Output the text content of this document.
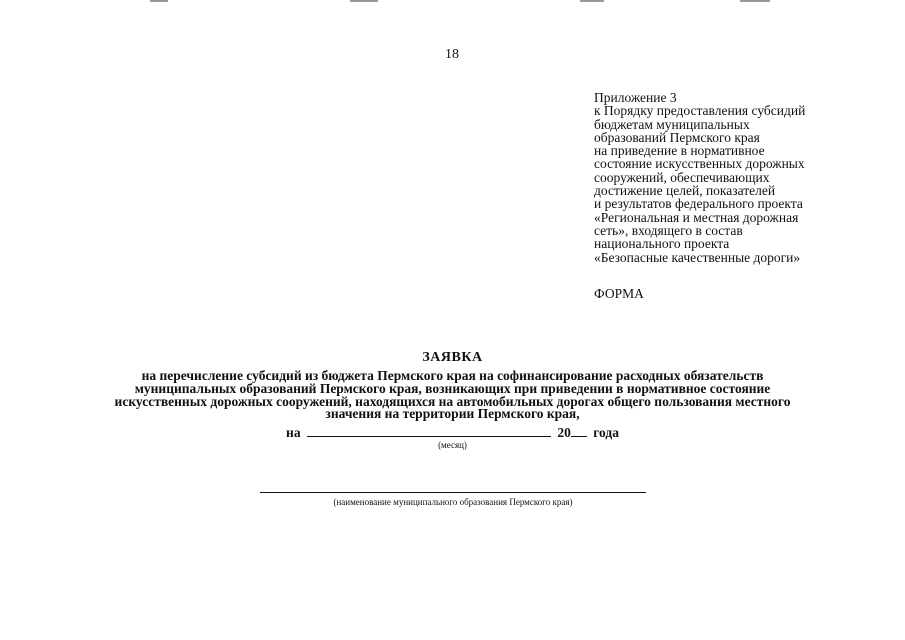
18
Приложение 3
к Порядку предоставления субсидий
бюджетам муниципальных
образований Пермского края
на приведение в нормативное
состояние искусственных дорожных
сооружений, обеспечивающих
достижение целей, показателей
и результатов федерального проекта
«Региональная и местная дорожная
сеть», входящего в состав
национального проекта
«Безопасные качественные дороги»
ФОРМА
ЗАЯВКА
на перечисление субсидий из бюджета Пермского края на софинансирование расходных обязательств
муниципальных образований Пермского края, возникающих при приведении в нормативное состояние
искусственных дорожных сооружений, находящихся на автомобильных дорогах общего пользования местного
значения на территории Пермского края,
на	20 года
(месяц)
(наименование муниципального образования Пермского края)
